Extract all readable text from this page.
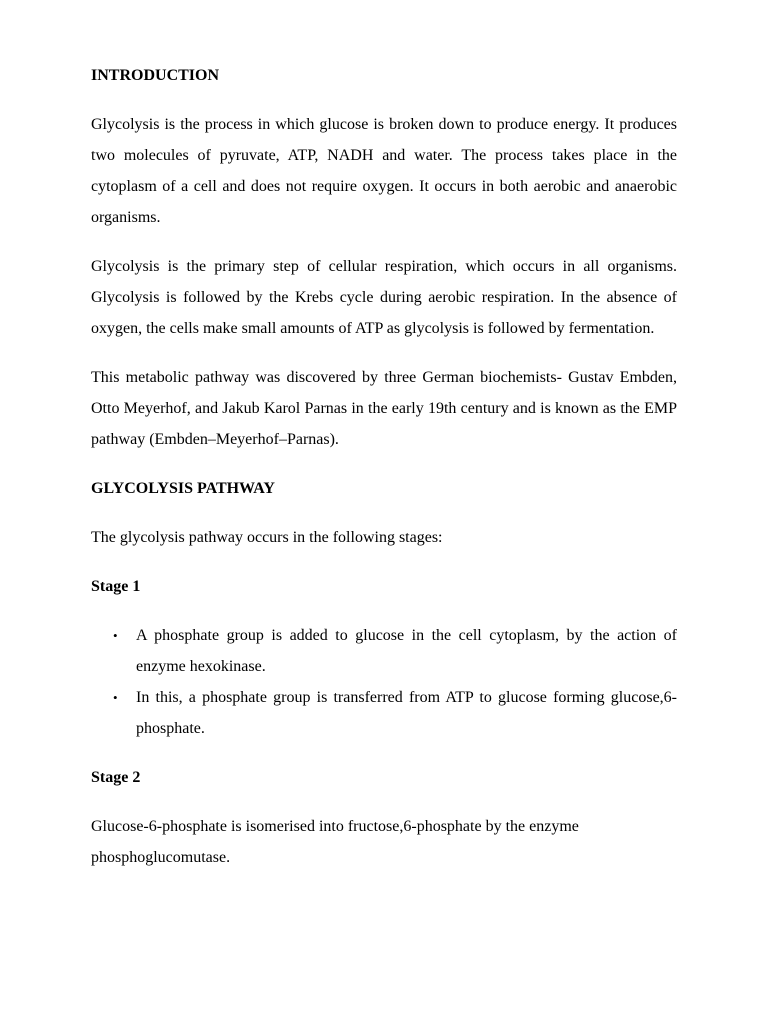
INTRODUCTION

Glycolysis is the process in which glucose is broken down to produce energy. It produces two molecules of pyruvate, ATP, NADH and water. The process takes place in the cytoplasm of a cell and does not require oxygen. It occurs in both aerobic and anaerobic organisms.

Glycolysis is the primary step of cellular respiration, which occurs in all organisms. Glycolysis is followed by the Krebs cycle during aerobic respiration. In the absence of oxygen, the cells make small amounts of ATP as glycolysis is followed by fermentation.

This metabolic pathway was discovered by three German biochemists- Gustav Embden, Otto Meyerhof, and Jakub Karol Parnas in the early 19th century and is known as the EMP pathway (Embden–Meyerhof–Parnas).

GLYCOLYSIS PATHWAY

The glycolysis pathway occurs in the following stages:

Stage 1
• A phosphate group is added to glucose in the cell cytoplasm, by the action of enzyme hexokinase.
• In this, a phosphate group is transferred from ATP to glucose forming glucose,6-phosphate.
Stage 2

Glucose-6-phosphate is isomerised into fructose,6-phosphate by the enzyme phosphoglucomutase.
